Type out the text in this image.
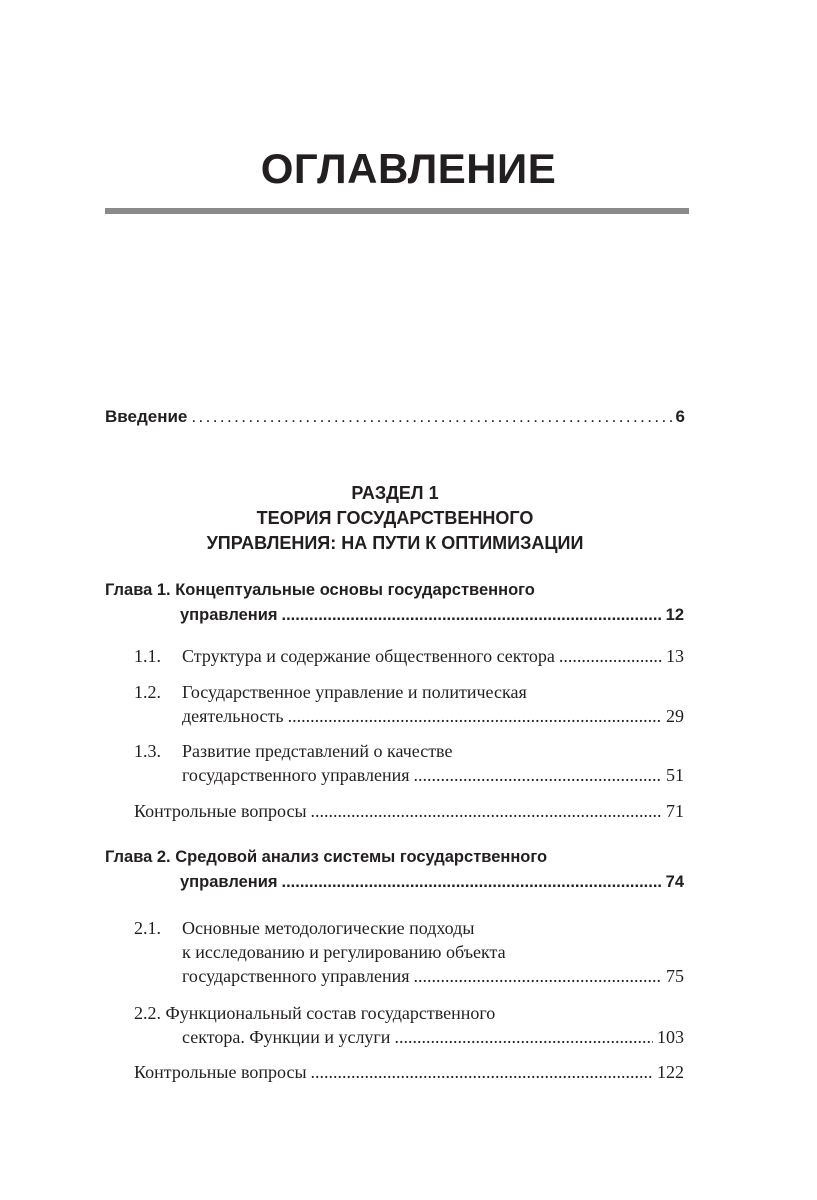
ОГЛАВЛЕНИЕ
Введение .....	6
РАЗДЕЛ 1
ТЕОРИЯ ГОСУДАРСТВЕННОГО
УПРАВЛЕНИЯ: НА ПУТИ К ОПТИМИЗАЦИИ
Глава 1. Концептуальные основы государственного
управления .....	12
1.1. Структура и содержание общественного сектора .....	13
1.2. Государственное управление и политическая
деятельность .....	29
1.3. Развитие представлений о качестве
государственного управления .....	51
Контрольные вопросы .....	71
Глава 2. Средовой анализ системы государственного
управления .....	74
2.1. Основные методологические подходы
к исследованию и регулированию объекта
государственного управления .....	75
2.2. Функциональный состав государственного
сектора. Функции и услуги .....	103
Контрольные вопросы .....	122
